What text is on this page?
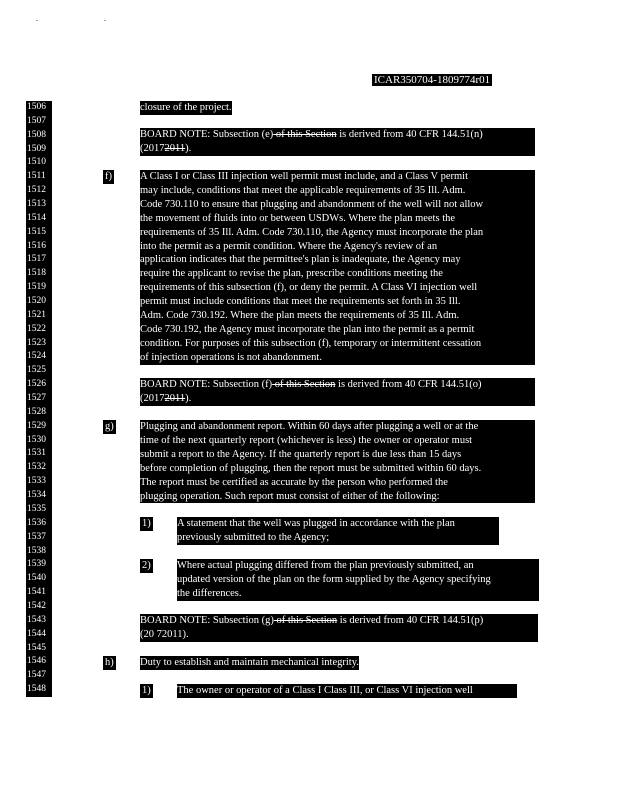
. .
ICAR350704-1809774r01
1506
1507
1508
1509
1510
1511
1512
1513
1514
1515
1516
1517
1518
1519
1520
1521
1522
1523
1524
1525
1526
1527
1528
1529
1530
1531
1532
1533
1534
1535
1536
1537
1538
1539
1540
1541
1542
1543
1544
1545
1546
1547
1548

closure of the project.

BOARD NOTE: Subsection (e) of this Section is derived from 40 CFR 144.51(n)

(20172011).

f)	A Class I or Class III injection well permit must include, and a Class V permit

may include, conditions that meet the applicable requirements of 35 Ill. Adm.

Code 730.110 to ensure that plugging and abandonment of the well will not allow

the movement of fluids into or between USDWs. Where the plan meets the

requirements of 35 Ill. Adm. Code 730.110, the Agency must incorporate the plan

into the permit as a permit condition. Where the Agency's review of an

application indicates that the permittee's plan is inadequate, the Agency may

require the applicant to revise the plan, prescribe conditions meeting the

requirements of this subsection (f), or deny the permit. A Class VI injection well

permit must include conditions that meet the requirements set forth in 35 Ill.

Adm. Code 730.192. Where the plan meets the requirements of 35 Ill. Adm.

Code 730.192, the Agency must incorporate the plan into the permit as a permit

condition. For purposes of this subsection (f), temporary or intermittent cessation

of injection operations is not abandonment.

BOARD NOTE: Subsection (f) of this Section is derived from 40 CFR 144.51(o)

(20172011).

g)	Plugging and abandonment report. Within 60 days after plugging a well or at the

time of the next quarterly report (whichever is less) the owner or operator must

submit a report to the Agency. If the quarterly report is due less than 15 days

before completion of plugging, then the report must be submitted within 60 days.

The report must be certified as accurate by the person who performed the

plugging operation. Such report must consist of either of the following:

1)	A statement that the well was plugged in accordance with the plan

previously submitted to the Agency;

2)	Where actual plugging differed from the plan previously submitted, an

updated version of the plan on the form supplied by the Agency specifying

the differences.

BOARD NOTE: Subsection (g) of this Section is derived from 40 CFR 144.51(p)

(20 72011).

h)	Duty to establish and maintain mechanical integrity.

1)	The owner or operator of a Class I Class III, or Class VI injection well
